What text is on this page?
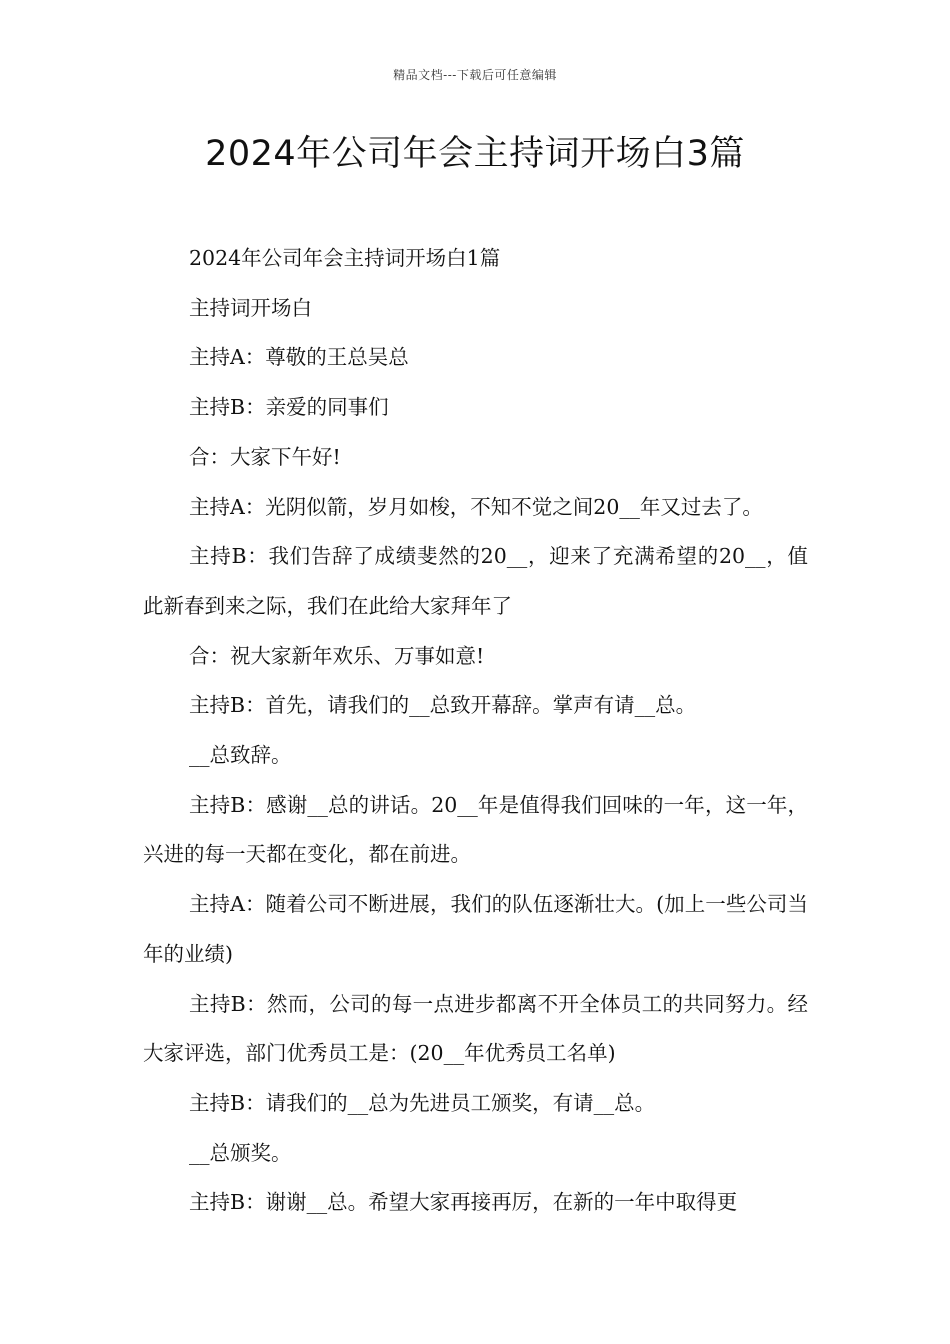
精品文档---下载后可任意编辑
2024年公司年会主持词开场白3篇

2024年公司年会主持词开场白1篇

主持词开场白

主持A：尊敬的王总吴总

主持B：亲爱的同事们

合：大家下午好!

主持A：光阴似箭，岁月如梭，不知不觉之间20__年又过去了。

主持B：我们告辞了成绩斐然的20__，迎来了充满希望的20__，值此新春到来之际，我们在此给大家拜年了

合：祝大家新年欢乐、万事如意!

主持B：首先，请我们的__总致开幕辞。掌声有请__总。

__总致辞。

主持B：感谢__总的讲话。20__年是值得我们回味的一年，这一年，兴进的每一天都在变化，都在前进。

主持A：随着公司不断进展，我们的队伍逐渐壮大。(加上一些公司当年的业绩)

主持B：然而，公司的每一点进步都离不开全体员工的共同努力。经大家评选，部门优秀员工是：(20__年优秀员工名单)

主持B：请我们的__总为先进员工颁奖，有请__总。

__总颁奖。

主持B：谢谢__总。希望大家再接再厉，在新的一年中取得更
